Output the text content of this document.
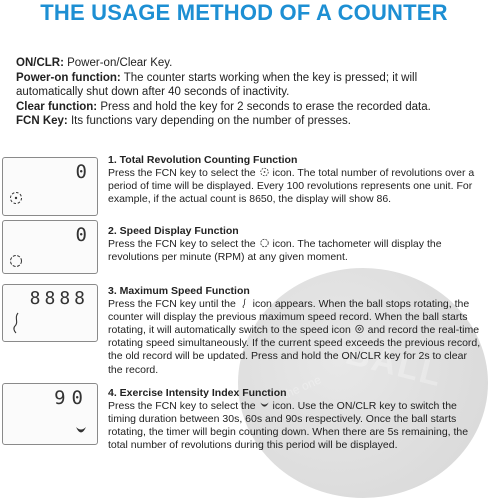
BALL
the one
THE USAGE METHOD OF A COUNTER

ON/CLR: Power-on/Clear Key.

Power-on function: The counter starts working when the key is pressed; it will automatically shut down after 40 seconds of inactivity.

Clear function: Press and hold the key for 2 seconds to erase the recorded data.

FCN Key: Its functions vary depending on the number of presses.

0
1. Total Revolution Counting Function
Press the FCN key to select the  icon. The total number of revolutions over a period of time will be displayed. Every 100 revolutions represents one unit. For example, if the actual count is 8650, the display will show 86.
0 2. Speed Display Function
Press the FCN key to select the  icon. The tachometer will display the revolutions per minute (RPM) at any given moment.
8888 3. Maximum Speed Function
Press the FCN key until the  icon appears. When the ball stops rotating, the counter will display the previous maximum speed record. When the ball starts rotating, it will automatically switch to the speed icon  and record the real-time rotating speed simultaneously. If the current speed exceeds the previous record, the old record will be updated. Press and hold the ON/CLR key for 2s to clear the record.
90 4. Exercise Intensity Index Function
Press the FCN key to select the  icon. Use the ON/CLR key to switch the timing duration between 30s, 60s and 90s respectively. Once the ball starts rotating, the timer will begin counting down. When there are 5s remaining, the total number of revolutions during this period will be displayed.
